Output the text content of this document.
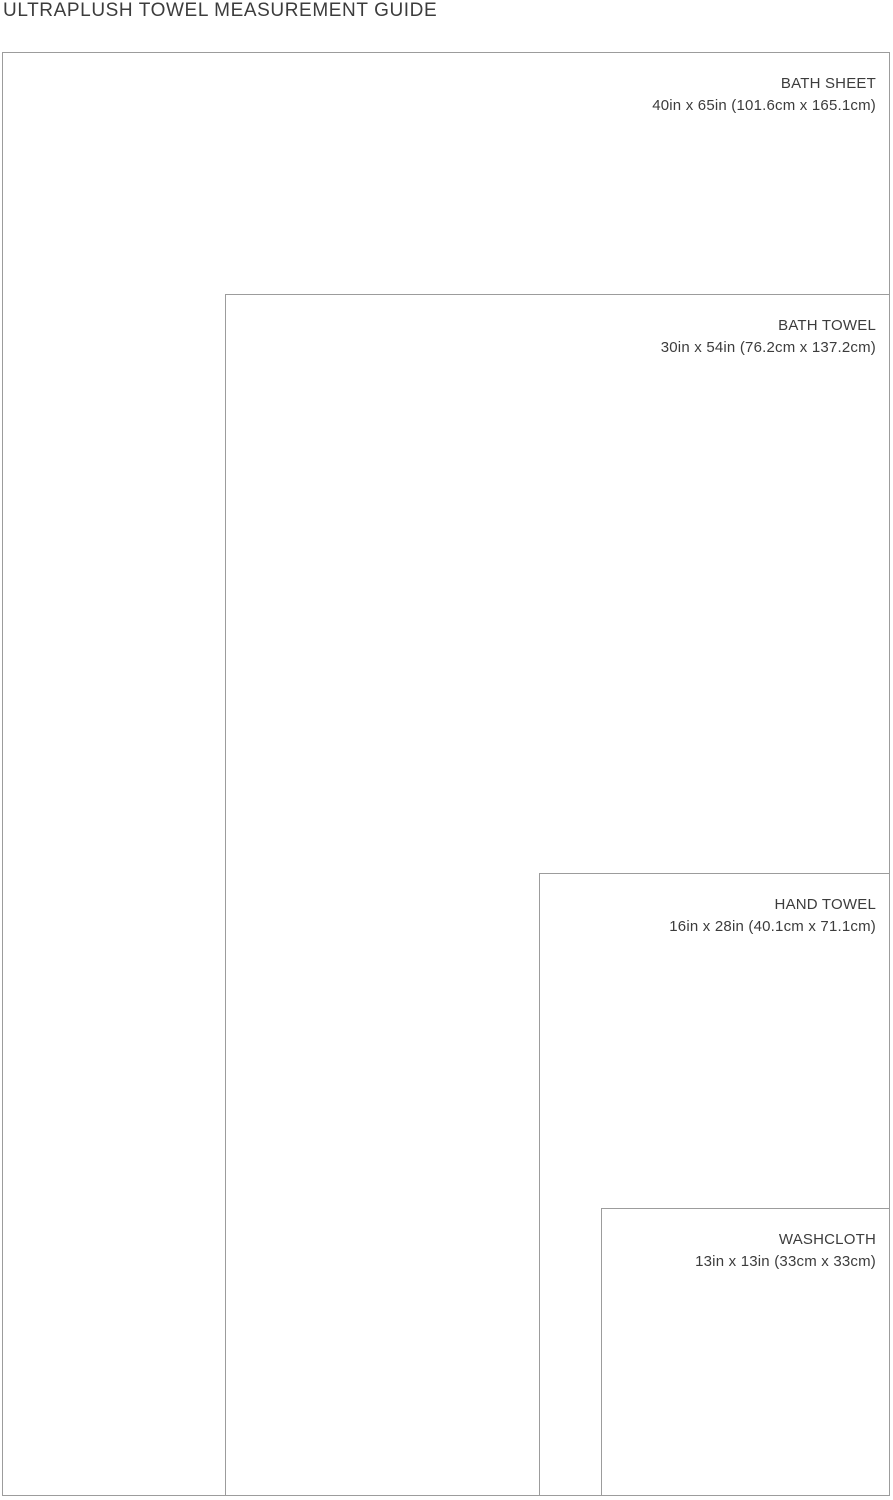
ULTRAPLUSH TOWEL MEASUREMENT GUIDE
BATH SHEET
40in x 65in (101.6cm x 165.1cm)
BATH TOWEL
30in x 54in (76.2cm x 137.2cm)
HAND TOWEL
16in x 28in (40.1cm x 71.1cm)
WASHCLOTH
13in x 13in (33cm x 33cm)
